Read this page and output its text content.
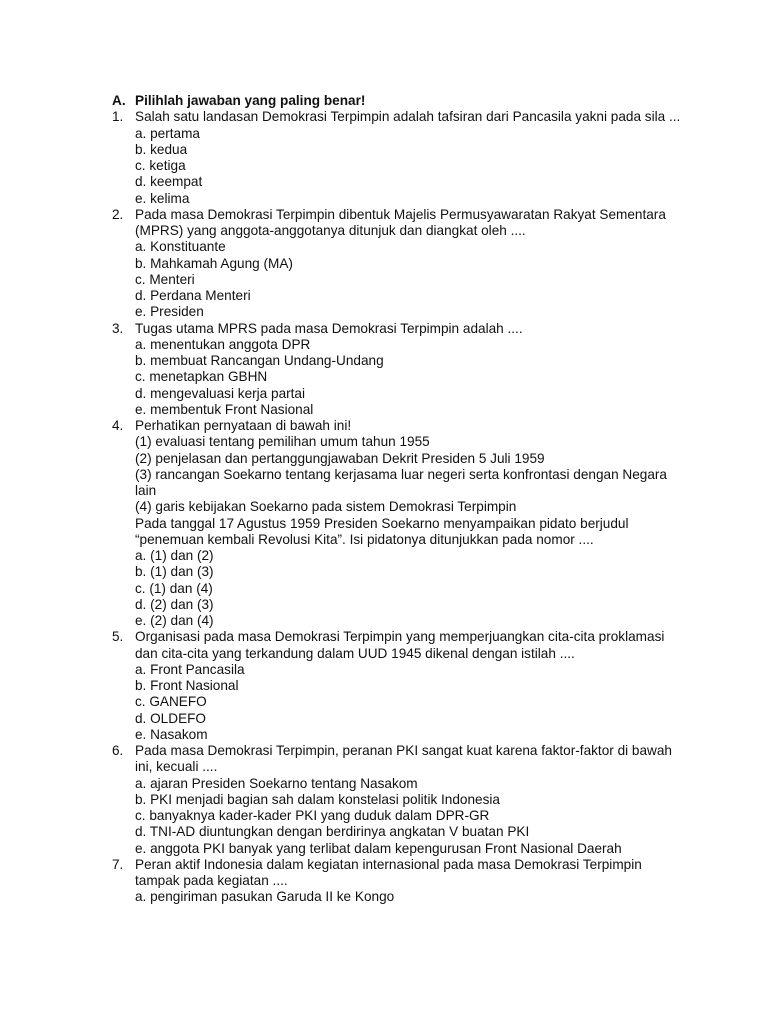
A. Pilihlah jawaban yang paling benar!
1. Salah satu landasan Demokrasi Terpimpin adalah tafsiran dari Pancasila yakni pada sila ...
a. pertama
b. kedua
c. ketiga
d. keempat
e. kelima
2. Pada masa Demokrasi Terpimpin dibentuk Majelis Permusyawaratan Rakyat Sementara (MPRS) yang anggota-anggotanya ditunjuk dan diangkat oleh ....
a. Konstituante
b. Mahkamah Agung (MA)
c. Menteri
d. Perdana Menteri
e. Presiden
3. Tugas utama MPRS pada masa Demokrasi Terpimpin adalah ....
a. menentukan anggota DPR
b. membuat Rancangan Undang-Undang
c. menetapkan GBHN
d. mengevaluasi kerja partai
e. membentuk Front Nasional
4. Perhatikan pernyataan di bawah ini!
(1) evaluasi tentang pemilihan umum tahun 1955
(2) penjelasan dan pertanggungjawaban Dekrit Presiden 5 Juli 1959
(3) rancangan Soekarno tentang kerjasama luar negeri serta konfrontasi dengan Negara lain
(4) garis kebijakan Soekarno pada sistem Demokrasi Terpimpin
Pada tanggal 17 Agustus 1959 Presiden Soekarno menyampaikan pidato berjudul “penemuan kembali Revolusi Kita”. Isi pidatonya ditunjukkan pada nomor ....
a. (1) dan (2)
b. (1) dan (3)
c. (1) dan (4)
d. (2) dan (3)
e. (2) dan (4)
5. Organisasi pada masa Demokrasi Terpimpin yang memperjuangkan cita-cita proklamasi dan cita-cita yang terkandung dalam UUD 1945 dikenal dengan istilah ....
a. Front Pancasila
b. Front Nasional
c. GANEFO
d. OLDEFO
e. Nasakom
6. Pada masa Demokrasi Terpimpin, peranan PKI sangat kuat karena faktor-faktor di bawah ini, kecuali ....
a. ajaran Presiden Soekarno tentang Nasakom
b. PKI menjadi bagian sah dalam konstelasi politik Indonesia
c. banyaknya kader-kader PKI yang duduk dalam DPR-GR
d. TNI-AD diuntungkan dengan berdirinya angkatan V buatan PKI
e. anggota PKI banyak yang terlibat dalam kepengurusan Front Nasional Daerah
7. Peran aktif Indonesia dalam kegiatan internasional pada masa Demokrasi Terpimpin tampak pada kegiatan ....
a. pengiriman pasukan Garuda II ke Kongo
